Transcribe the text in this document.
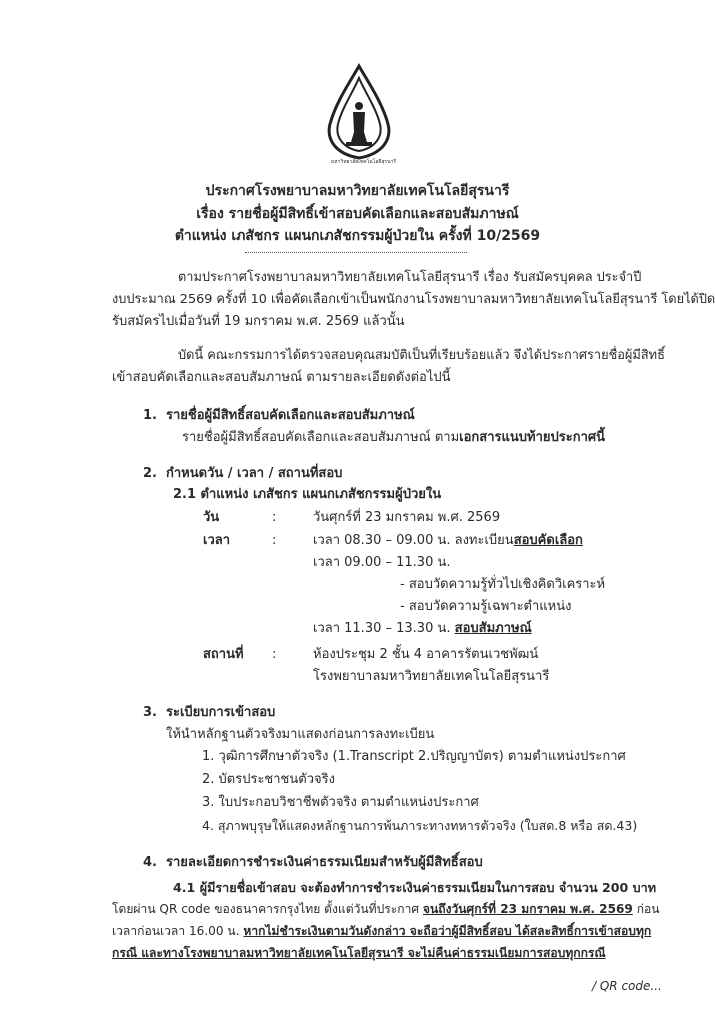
มหาวิทยาลัยเทคโนโลยีสุรนารี
ประกาศโรงพยาบาลมหาวิทยาลัยเทคโนโลยีสุรนารี
เรื่อง รายชื่อผู้มีสิทธิ์เข้าสอบคัดเลือกและสอบสัมภาษณ์
ตำแหน่ง เภสัชกร แผนกเภสัชกรรมผู้ป่วยใน ครั้งที่ 10/2569
ตามประกาศโรงพยาบาลมหาวิทยาลัยเทคโนโลยีสุรนารี เรื่อง รับสมัครบุคคล ประจำปี
งบประมาณ 2569 ครั้งที่ 10 เพื่อคัดเลือกเข้าเป็นพนักงานโรงพยาบาลมหาวิทยาลัยเทคโนโลยีสุรนารี โดยได้ปิด
รับสมัครไปเมื่อวันที่ 19 มกราคม พ.ศ. 2569 แล้วนั้น
บัดนี้ คณะกรรมการได้ตรวจสอบคุณสมบัติเป็นที่เรียบร้อยแล้ว จึงได้ประกาศรายชื่อผู้มีสิทธิ์
เข้าสอบคัดเลือกและสอบสัมภาษณ์ ตามรายละเอียดดังต่อไปนี้
1. รายชื่อผู้มีสิทธิ์สอบคัดเลือกและสอบสัมภาษณ์
รายชื่อผู้มีสิทธิ์สอบคัดเลือกและสอบสัมภาษณ์ ตามเอกสารแนบท้ายประกาศนี้
2. กำหนดวัน / เวลา / สถานที่สอบ
2.1 ตำแหน่ง เภสัชกร แผนกเภสัชกรรมผู้ป่วยใน
วัน	:	วันศุกร์ที่ 23 มกราคม พ.ศ. 2569
เวลา	:	เวลา 08.30 – 09.00 น. ลงทะเบียนสอบคัดเลือก
เวลา 09.00 – 11.30 น.
- สอบวัดความรู้ทั่วไปเชิงคิดวิเคราะห์
- สอบวัดความรู้เฉพาะตำแหน่ง
เวลา 11.30 – 13.30 น. สอบสัมภาษณ์
สถานที่ :	ห้องประชุม 2 ชั้น 4 อาคารรัตนเวชพัฒน์
โรงพยาบาลมหาวิทยาลัยเทคโนโลยีสุรนารี
3. ระเบียบการเข้าสอบ
ให้นำหลักฐานตัวจริงมาแสดงก่อนการลงทะเบียน
1. วุฒิการศึกษาตัวจริง (1.Transcript 2.ปริญญาบัตร) ตามตำแหน่งประกาศ
2. บัตรประชาชนตัวจริง
3. ใบประกอบวิชาชีพตัวจริง ตามตำแหน่งประกาศ
4. สุภาพบุรุษให้แสดงหลักฐานการพ้นภาระทางทหารตัวจริง (ใบสด.8 หรือ สด.43)
4. รายละเอียดการชำระเงินค่าธรรมเนียมสำหรับผู้มีสิทธิ์สอบ
4.1 ผู้มีรายชื่อเข้าสอบ จะต้องทำการชำระเงินค่าธรรมเนียมในการสอบ จำนวน 200 บาท
โดยผ่าน QR code ของธนาคารกรุงไทย ตั้งแต่วันที่ประกาศ จนถึงวันศุกร์ที่ 23 มกราคม พ.ศ. 2569 ก่อน
เวลาก่อนเวลา 16.00 น. หากไม่ชำระเงินตามวันดังกล่าว จะถือว่าผู้มีสิทธิ์สอบ ได้สละสิทธิ์การเข้าสอบทุก
กรณี และทางโรงพยาบาลมหาวิทยาลัยเทคโนโลยีสุรนารี จะไม่คืนค่าธรรมเนียมการสอบทุกกรณี
/ QR code...
